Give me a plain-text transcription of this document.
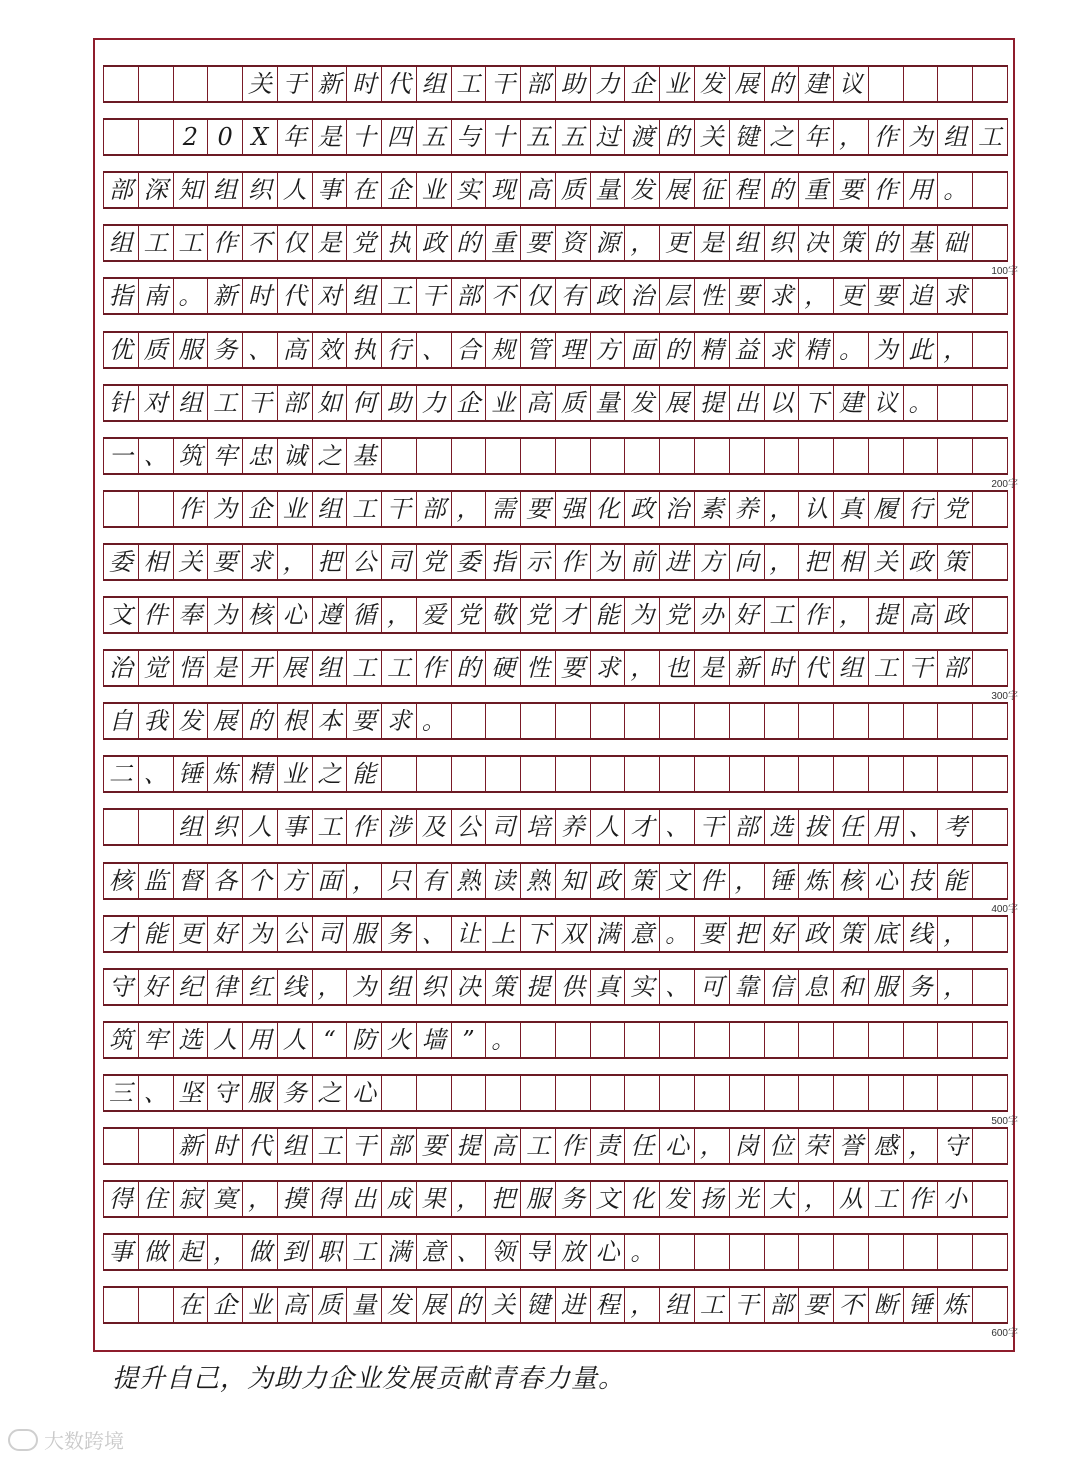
关 于 新 时 代 组 工 干 部 助 力 企 业 发 展 的 建 议
2 0 X 年 是 十 四 五 与 十 五 五 过 渡 的 关 键 之 年 ， 作 为 组 工
部 深 知 组 织 人 事 在 企 业 实 现 高 质 量 发 展 征 程 的 重 要 作 用 。
组 工 工 作 不 仅 是 党 执 政 的 重 要 资 源 ， 更 是 组 织 决 策 的 基 础
指 南 。 新 时 代 对 组 工 干 部 不 仅 有 政 治 层 性 要 求 ， 更 要 追 求
优 质 服 务 、 高 效 执 行 、 合 规 管 理 方 面 的 精 益 求 精 。 为 此 ，
针 对 组 工 干 部 如 何 助 力 企 业 高 质 量 发 展 提 出 以 下 建 议 。
一 、 筑 牢 忠 诚 之 基
作 为 企 业 组 工 干 部 ， 需 要 强 化 政 治 素 养 ， 认 真 履 行 党
委 相 关 要 求 ， 把 公 司 党 委 指 示 作 为 前 进 方 向 ， 把 相 关 政 策
文 件 奉 为 核 心 遵 循 ， 爱 党 敬 党 才 能 为 党 办 好 工 作 ， 提 高 政
治 觉 悟 是 开 展 组 工 工 作 的 硬 性 要 求 ， 也 是 新 时 代 组 工 干 部
自 我 发 展 的 根 本 要 求 。
二 、 锤 炼 精 业 之 能
组 织 人 事 工 作 涉 及 公 司 培 养 人 才 、 干 部 选 拔 任 用 、 考
核 监 督 各 个 方 面 ， 只 有 熟 读 熟 知 政 策 文 件 ， 锤 炼 核 心 技 能
才 能 更 好 为 公 司 服 务 、 让 上 下 双 满 意 。 要 把 好 政 策 底 线 ，
守 好 纪 律 红 线 ， 为 组 织 决 策 提 供 真 实 、 可 靠 信 息 和 服 务 ，
筑 牢 选 人 用 人 “ 防 火 墙 ” 。
三 、 坚 守 服 务 之 心
新 时 代 组 工 干 部 要 提 高 工 作 责 任 心 ， 岗 位 荣 誉 感 ， 守
得 住 寂 寞 ， 摸 得 出 成 果 ， 把 服 务 文 化 发 扬 光 大 ， 从 工 作 小
事 做 起 ， 做 到 职 工 满 意 、 领 导 放 心 。
在 企 业 高 质 量 发 展 的 关 键 进 程 ， 组 工 干 部 要 不 断 锤 炼
提升自己，为助力企业发展贡献青春力量。
大数跨境
100字
200字
300字
400字
500字
600字
